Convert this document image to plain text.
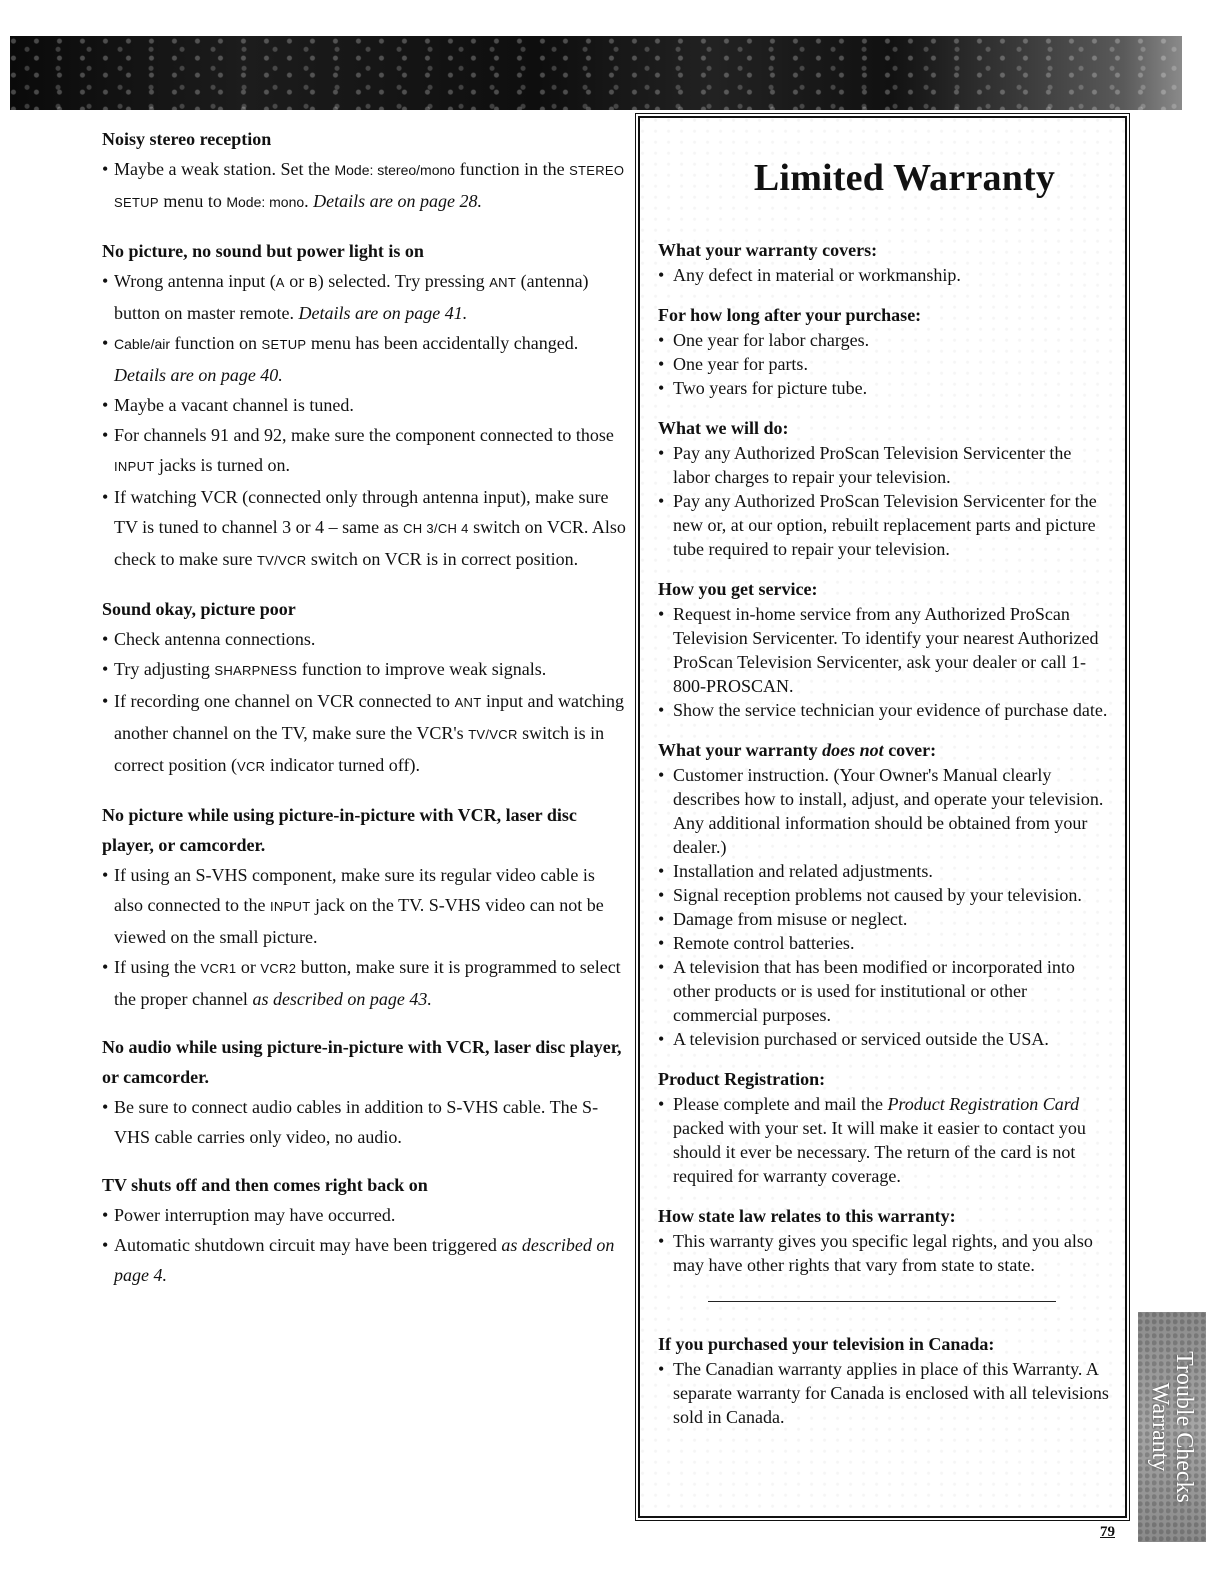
Noisy stereo reception

• Maybe a weak station. Set the Mode: stereo/mono function in the STEREO SETUP menu to Mode: mono. Details are on page 28.

No picture, no sound but power light is on

• Wrong antenna input (A or B) selected. Try pressing ANT (antenna) button on master remote. Details are on page 41.

• Cable/air function on SETUP menu has been accidentally changed. Details are on page 40.

• Maybe a vacant channel is tuned.

• For channels 91 and 92, make sure the component connected to those INPUT jacks is turned on.

• If watching VCR (connected only through antenna input), make sure TV is tuned to channel 3 or 4 – same as CH 3/CH 4 switch on VCR. Also check to make sure TV/VCR switch on VCR is in correct position.

Sound okay, picture poor

• Check antenna connections.

• Try adjusting SHARPNESS function to improve weak signals.

• If recording one channel on VCR connected to ANT input and watching another channel on the TV, make sure the VCR's TV/VCR switch is in correct position (VCR indicator turned off).

No picture while using picture-in-picture with VCR, laser disc player, or camcorder.

• If using an S-VHS component, make sure its regular video cable is also connected to the INPUT jack on the TV. S-VHS video can not be viewed on the small picture.

• If using the VCR1 or VCR2 button, make sure it is programmed to select the proper channel as described on page 43.

No audio while using picture-in-picture with VCR, laser disc player, or camcorder.

• Be sure to connect audio cables in addition to S-VHS cable. The S-VHS cable carries only video, no audio.

TV shuts off and then comes right back on

• Power interruption may have occurred.

• Automatic shutdown circuit may have been triggered as described on page 4.

Limited Warranty

What your warranty covers:

• Any defect in material or workmanship.

For how long after your purchase:

• One year for labor charges.

• One year for parts.

• Two years for picture tube.

What we will do:

• Pay any Authorized ProScan Television Servicenter the labor charges to repair your television.

• Pay any Authorized ProScan Television Servicenter for the new or, at our option, rebuilt replacement parts and picture tube required to repair your television.

How you get service:

• Request in-home service from any Authorized ProScan Television Servicenter. To identify your nearest Authorized ProScan Television Servicenter, ask your dealer or call 1-800-PROSCAN.

• Show the service technician your evidence of purchase date.

What your warranty does not cover:

• Customer instruction. (Your Owner's Manual clearly describes how to install, adjust, and operate your television. Any additional information should be obtained from your dealer.)

• Installation and related adjustments.

• Signal reception problems not caused by your television.

• Damage from misuse or neglect.

• Remote control batteries.

• A television that has been modified or incorporated into other products or is used for institutional or other commercial purposes.

• A television purchased or serviced outside the USA.

Product Registration:

• Please complete and mail the Product Registration Card packed with your set. It will make it easier to contact you should it ever be necessary. The return of the card is not required for warranty coverage.

How state law relates to this warranty:

• This warranty gives you specific legal rights, and you also may have other rights that vary from state to state.

If you purchased your television in Canada:

• The Canadian warranty applies in place of this Warranty. A separate warranty for Canada is enclosed with all televisions sold in Canada.	Trouble Checks
Warranty
79
